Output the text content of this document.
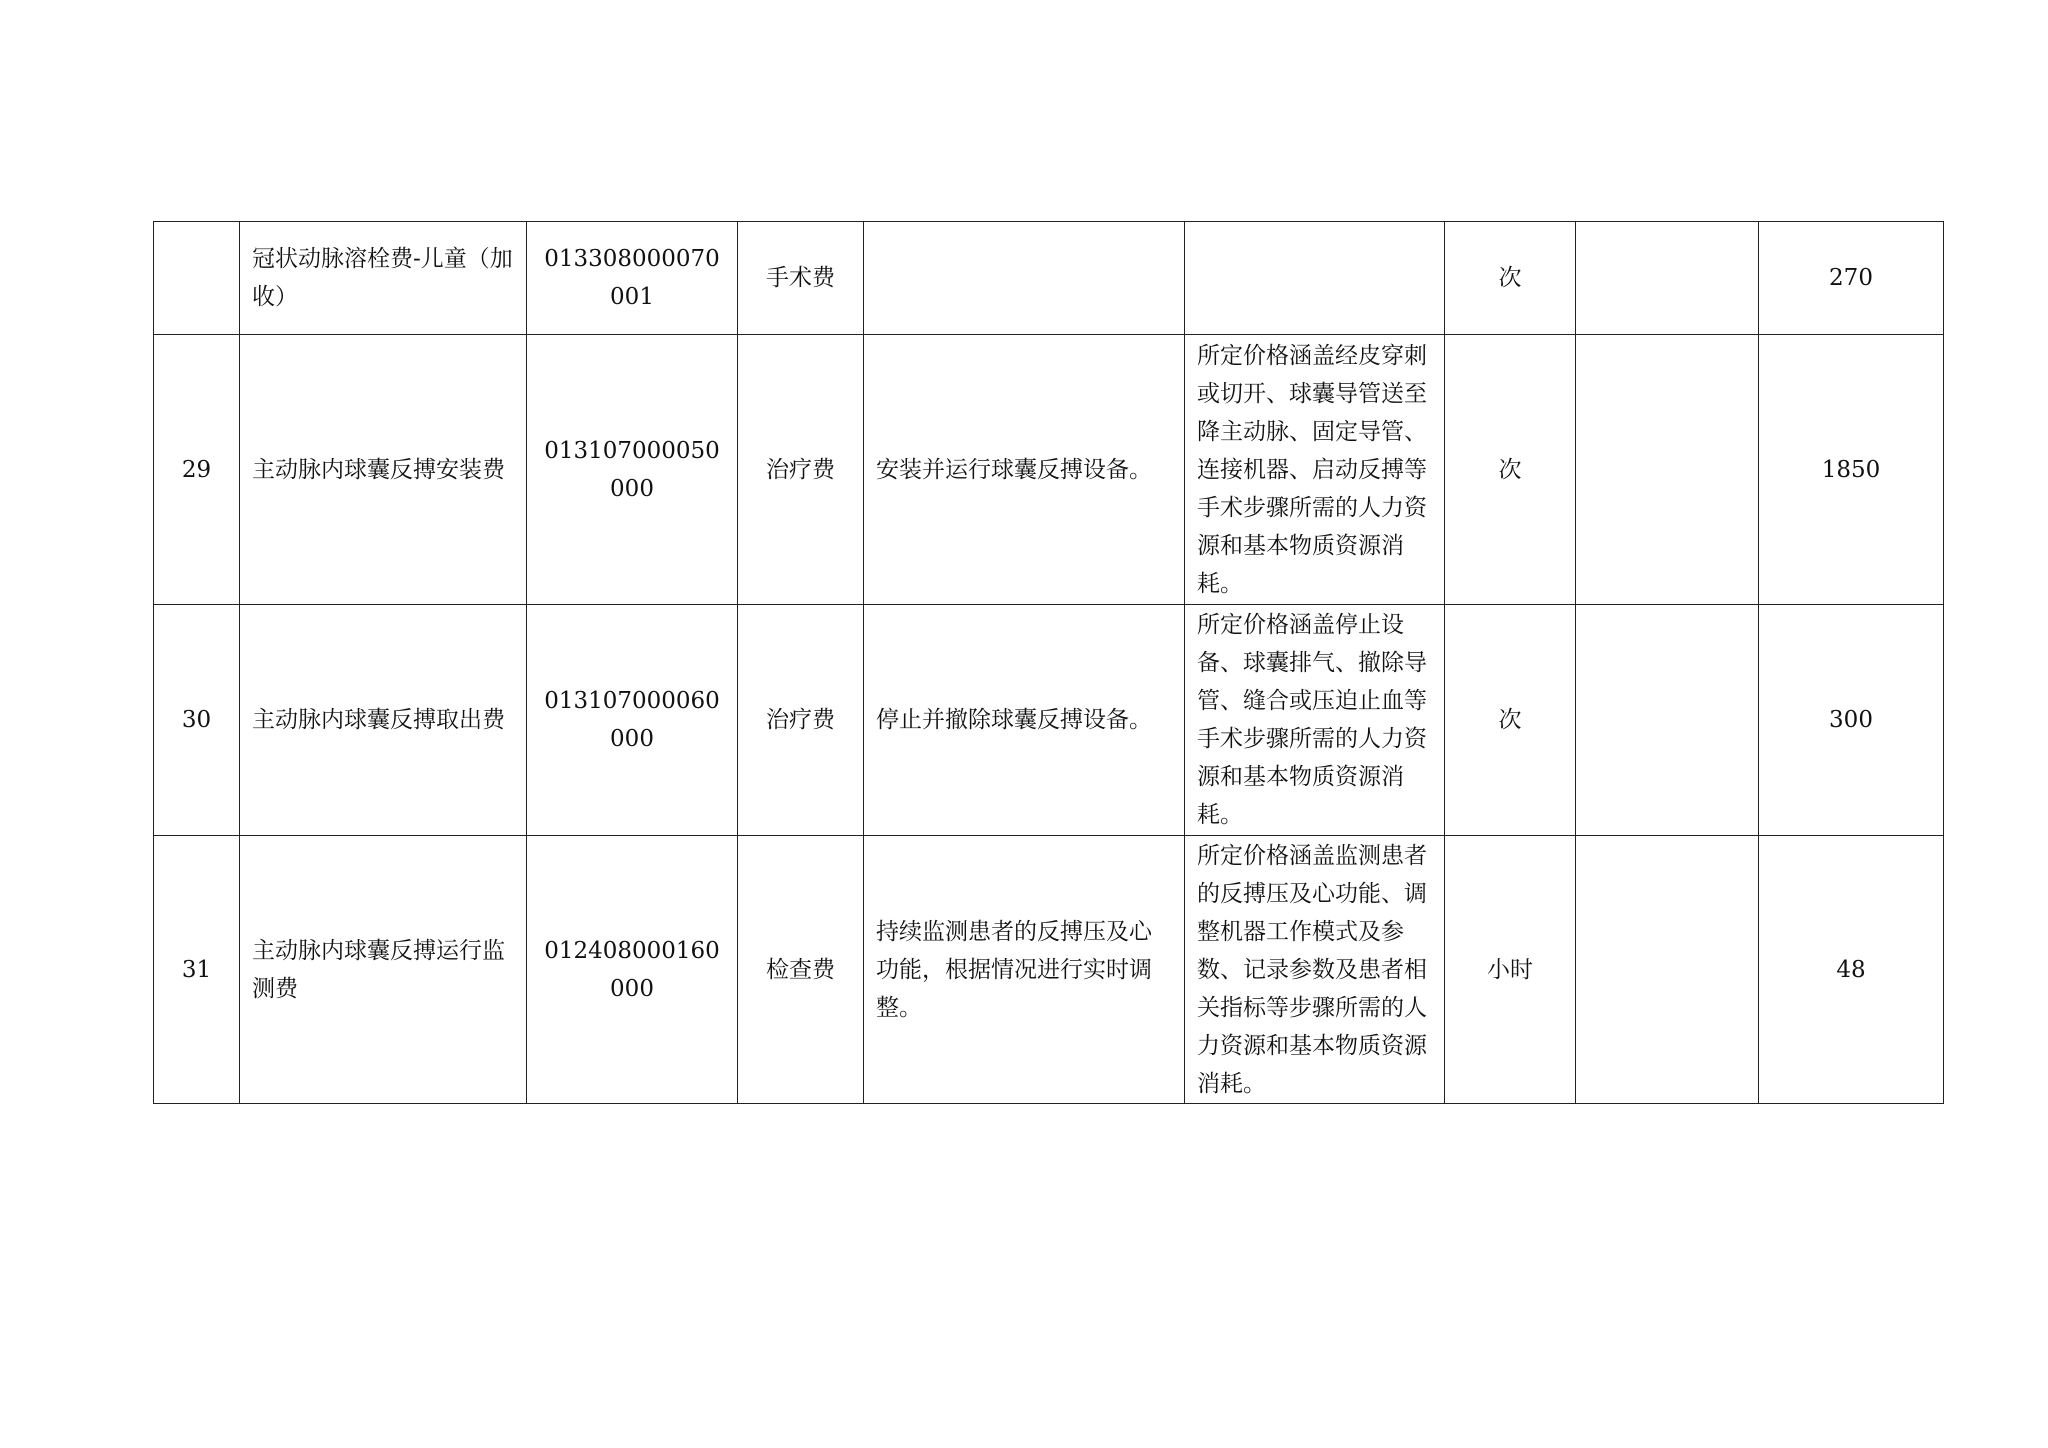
	冠状动脉溶栓费-儿童（加收）	013308000070001	手术费			次		270
29	主动脉内球囊反搏安装费	013107000050000	治疗费	安装并运行球囊反搏设备。	所定价格涵盖经皮穿刺或切开、球囊导管送至降主动脉、固定导管、连接机器、启动反搏等手术步骤所需的人力资源和基本物质资源消耗。	次		1850
30	主动脉内球囊反搏取出费	013107000060000	治疗费	停止并撤除球囊反搏设备。	所定价格涵盖停止设备、球囊排气、撤除导管、缝合或压迫止血等手术步骤所需的人力资源和基本物质资源消耗。	次		300
31	主动脉内球囊反搏运行监测费	012408000160000	检查费	持续监测患者的反搏压及心功能，根据情况进行实时调整。	所定价格涵盖监测患者的反搏压及心功能、调整机器工作模式及参数、记录参数及患者相关指标等步骤所需的人力资源和基本物质资源消耗。	小时		48
